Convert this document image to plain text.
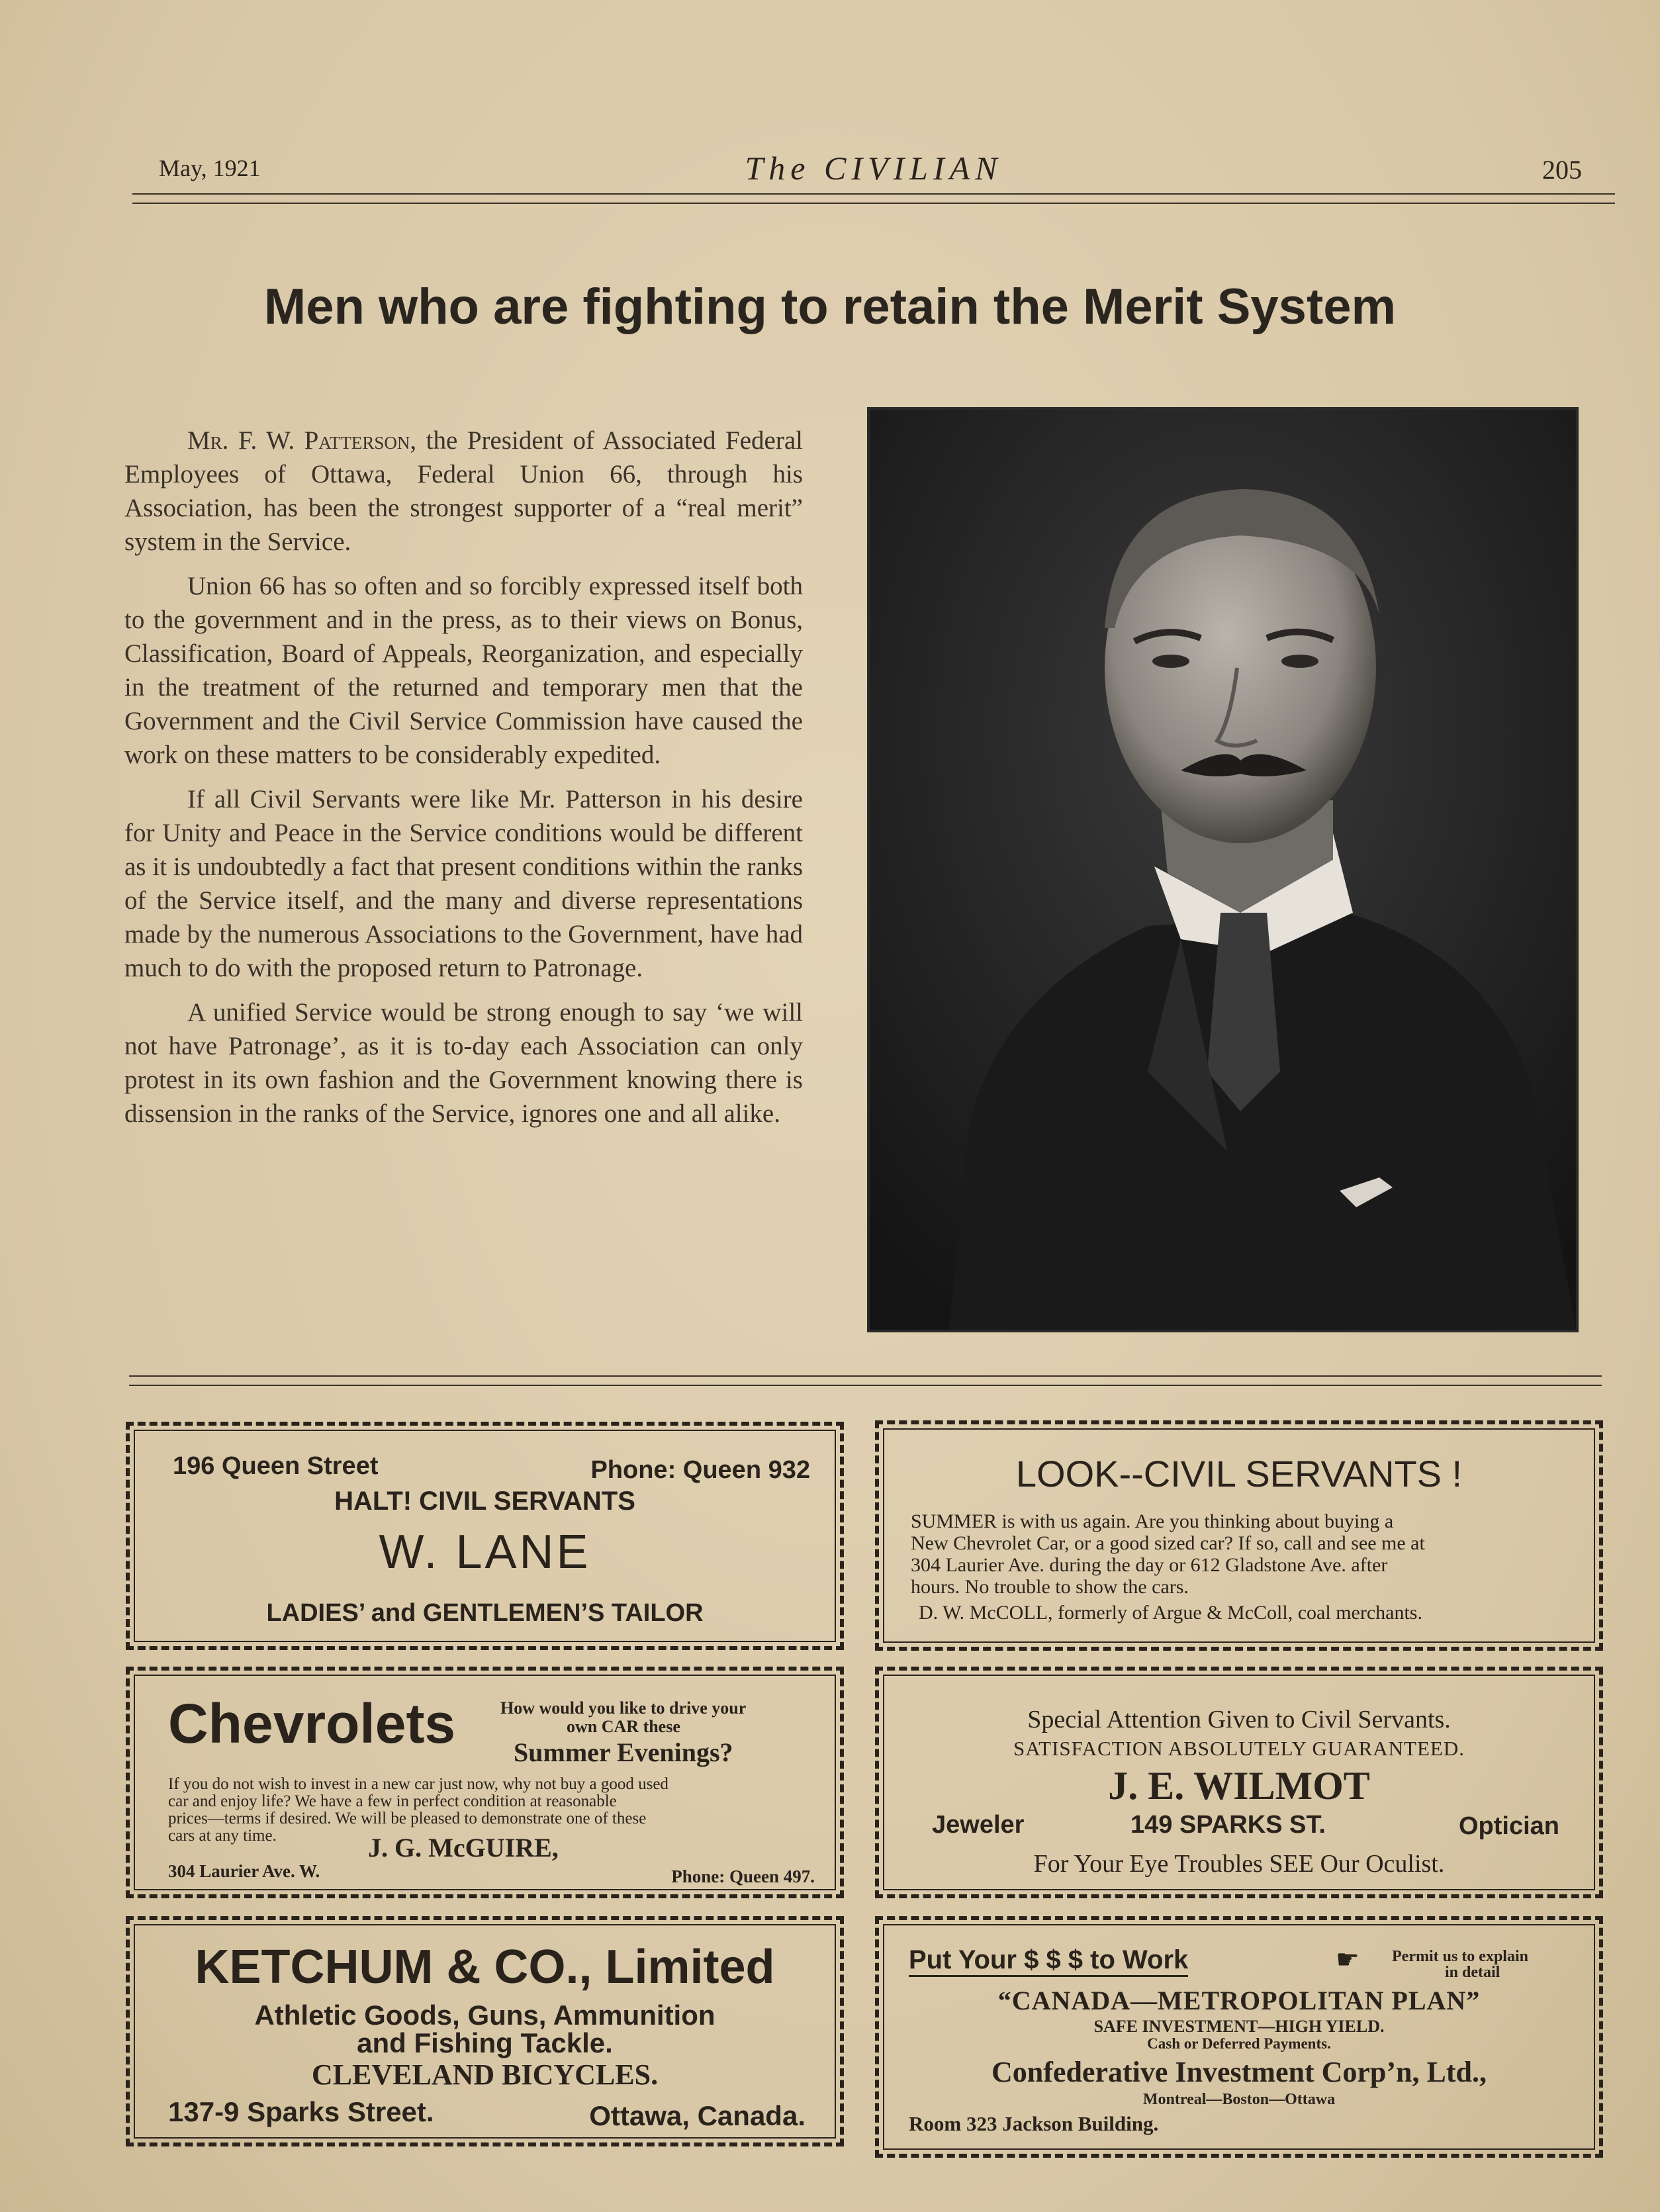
May, 1921	The CIVILIAN	205
Men who are fighting to retain the Merit System

Mr. F. W. Patterson, the President of Associated Federal Employees of Ottawa, Federal Union 66, through his Association, has been the strongest supporter of a “real merit” system in the Service.

Union 66 has so often and so forcibly expressed itself both to the government and in the press, as to their views on Bonus, Classification, Board of Appeals, Reorganization, and especially in the treatment of the returned and temporary men that the Government and the Civil Service Commission have caused the work on these matters to be considerably expedited.

If all Civil Servants were like Mr. Patterson in his desire for Unity and Peace in the Service conditions would be different as it is undoubtedly a fact that present conditions within the ranks of the Service itself, and the many and diverse representations made by the numerous Associations to the Government, have had much to do with the proposed return to Patronage.

A unified Service would be strong enough to say ‘we will not have Patronage’, as it is to-day each Association can only protest in its own fashion and the Government knowing there is dissension in the ranks of the Service, ignores one and all alike.

196 Queen Street	Phone: Queen 932
HALT! CIVIL SERVANTS
W. LANE
LADIES’ and GENTLEMEN’S TAILOR
LOOK--CIVIL SERVANTS !
SUMMER is with us again. Are you thinking about buying a
New Chevrolet Car, or a good sized car? If so, call and see me at
304 Laurier Ave. during the day or 612 Gladstone Ave. after
hours. No trouble to show the cars.
D. W. McCOLL, formerly of Argue & McColl, coal merchants.
Chevrolets	How would you like to drive your
own CAR these
Summer Evenings?
If you do not wish to invest in a new car just now, why not buy a good used
car and enjoy life? We have a few in perfect condition at reasonable
prices—terms if desired. We will be pleased to demonstrate one of these
cars at any time.	J. G. McGUIRE,
304 Laurier Ave. W.	Phone: Queen 497.
Special Attention Given to Civil Servants.
SATISFACTION ABSOLUTELY GUARANTEED.
J. E. WILMOT
Jeweler	149 SPARKS ST.	Optician
For Your Eye Troubles SEE Our Oculist.
KETCHUM & CO., Limited
Athletic Goods, Guns, Ammunition
and Fishing Tackle.
CLEVELAND BICYCLES.
137-9 Sparks Street.	Ottawa, Canada.
Put Your $ $ $ to Work	☛ Permit us to explain
in detail
“CANADA—METROPOLITAN PLAN”
SAFE INVESTMENT—HIGH YIELD.
Cash or Deferred Payments.
Confederative Investment Corp’n, Ltd.,
Montreal—Boston—Ottawa
Room 323 Jackson Building.
